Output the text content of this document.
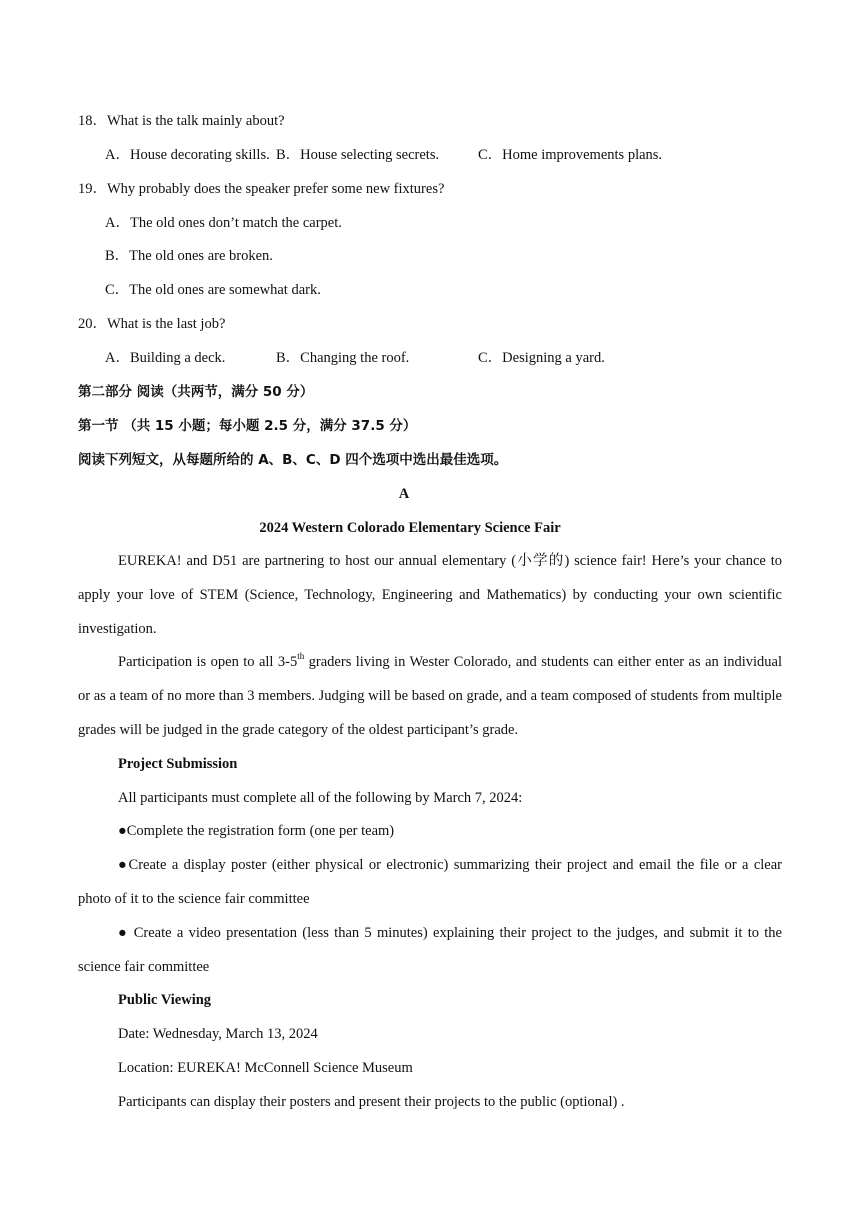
18．What is the talk mainly about?
A．House decorating skills. B．House selecting secrets.	C．Home improvements plans.
19．Why probably does the speaker prefer some new fixtures?
A．The old ones don’t match the carpet.
B．The old ones are broken.
C．The old ones are somewhat dark.
20．What is the last job?
A．Building a deck.	B．Changing the roof.	C．Designing a yard.
第二部分 阅读（共两节，满分 50 分）
第一节 （共 15 小题；每小题 2.5 分，满分 37.5 分）
阅读下列短文，从每题所给的 A、B、C、D 四个选项中选出最佳选项。
A
2024 Western Colorado Elementary Science Fair
EUREKA! and D51 are partnering to host our annual elementary (小学的) science fair! Here’s your chance to apply your love of STEM (Science, Technology, Engineering and Mathematics) by conducting your own scientific investigation.
Participation is open to all 3-5th graders living in Wester Colorado, and students can either enter as an individual or as a team of no more than 3 members. Judging will be based on grade, and a team composed of students from multiple grades will be judged in the grade category of the oldest participant’s grade.
Project Submission
All participants must complete all of the following by March 7, 2024:
●Complete the registration form (one per team)
●Create a display poster (either physical or electronic) summarizing their project and email the file or a clear photo of it to the science fair committee
● Create a video presentation (less than 5 minutes) explaining their project to the judges, and submit it to the science fair committee
Public Viewing
Date: Wednesday, March 13, 2024
Location: EUREKA! McConnell Science Museum
Participants can display their posters and present their projects to the public (optional) .
